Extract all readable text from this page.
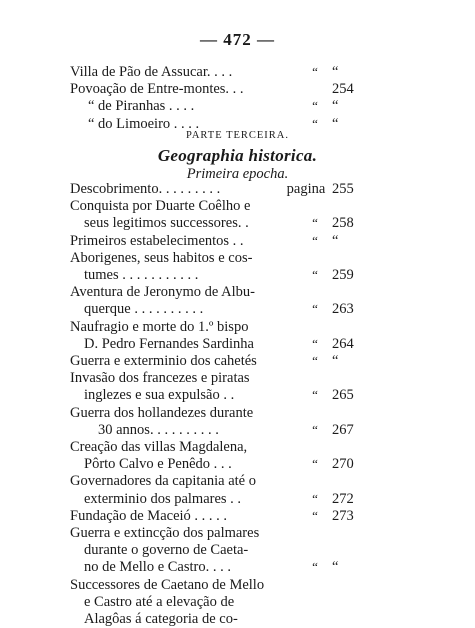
— 472 —
Villa de Pão de Assucar. . . .	“ “
Povoação de Entre-montes. . .	254
“ de Piranhas . . . .	“ “
“ do Limoeiro . . . .	“ “
PARTE TERCEIRA.
Geographia historica.
Primeira epocha.
Descobrimento. . . . . . . . .	pagina 255
Conquista por Duarte Coêlho e
seus legitimos successores. .	“ 258
Primeiros estabelecimentos . .	“ “
Aborigenes, seus habitos e cos-
tumes . . . . . . . . . . .	“ 259
Aventura de Jeronymo de Albu-
querque . . . . . . . . . .	“ 263
Naufragio e morte do 1.º bispo
D. Pedro Fernandes Sardinha	“ 264
Guerra e exterminio dos cahetés	“ “
Invasão dos francezes e piratas
inglezes e sua expulsão . .	“ 265
Guerra dos hollandezes durante
30 annos. . . . . . . . . .	“ 267
Creação das villas Magdalena,
Pôrto Calvo e Penêdo . . .	“ 270
Governadores da capitania até o
exterminio dos palmares . .	“ 272
Fundação de Maceió . . . . .	“ 273
Guerra e extincção dos palmares
durante o governo de Caeta-
no de Mello e Castro. . . .	“ “
Successores de Caetano de Mello
e Castro até a elevação de
Alagôas á categoria de co-
